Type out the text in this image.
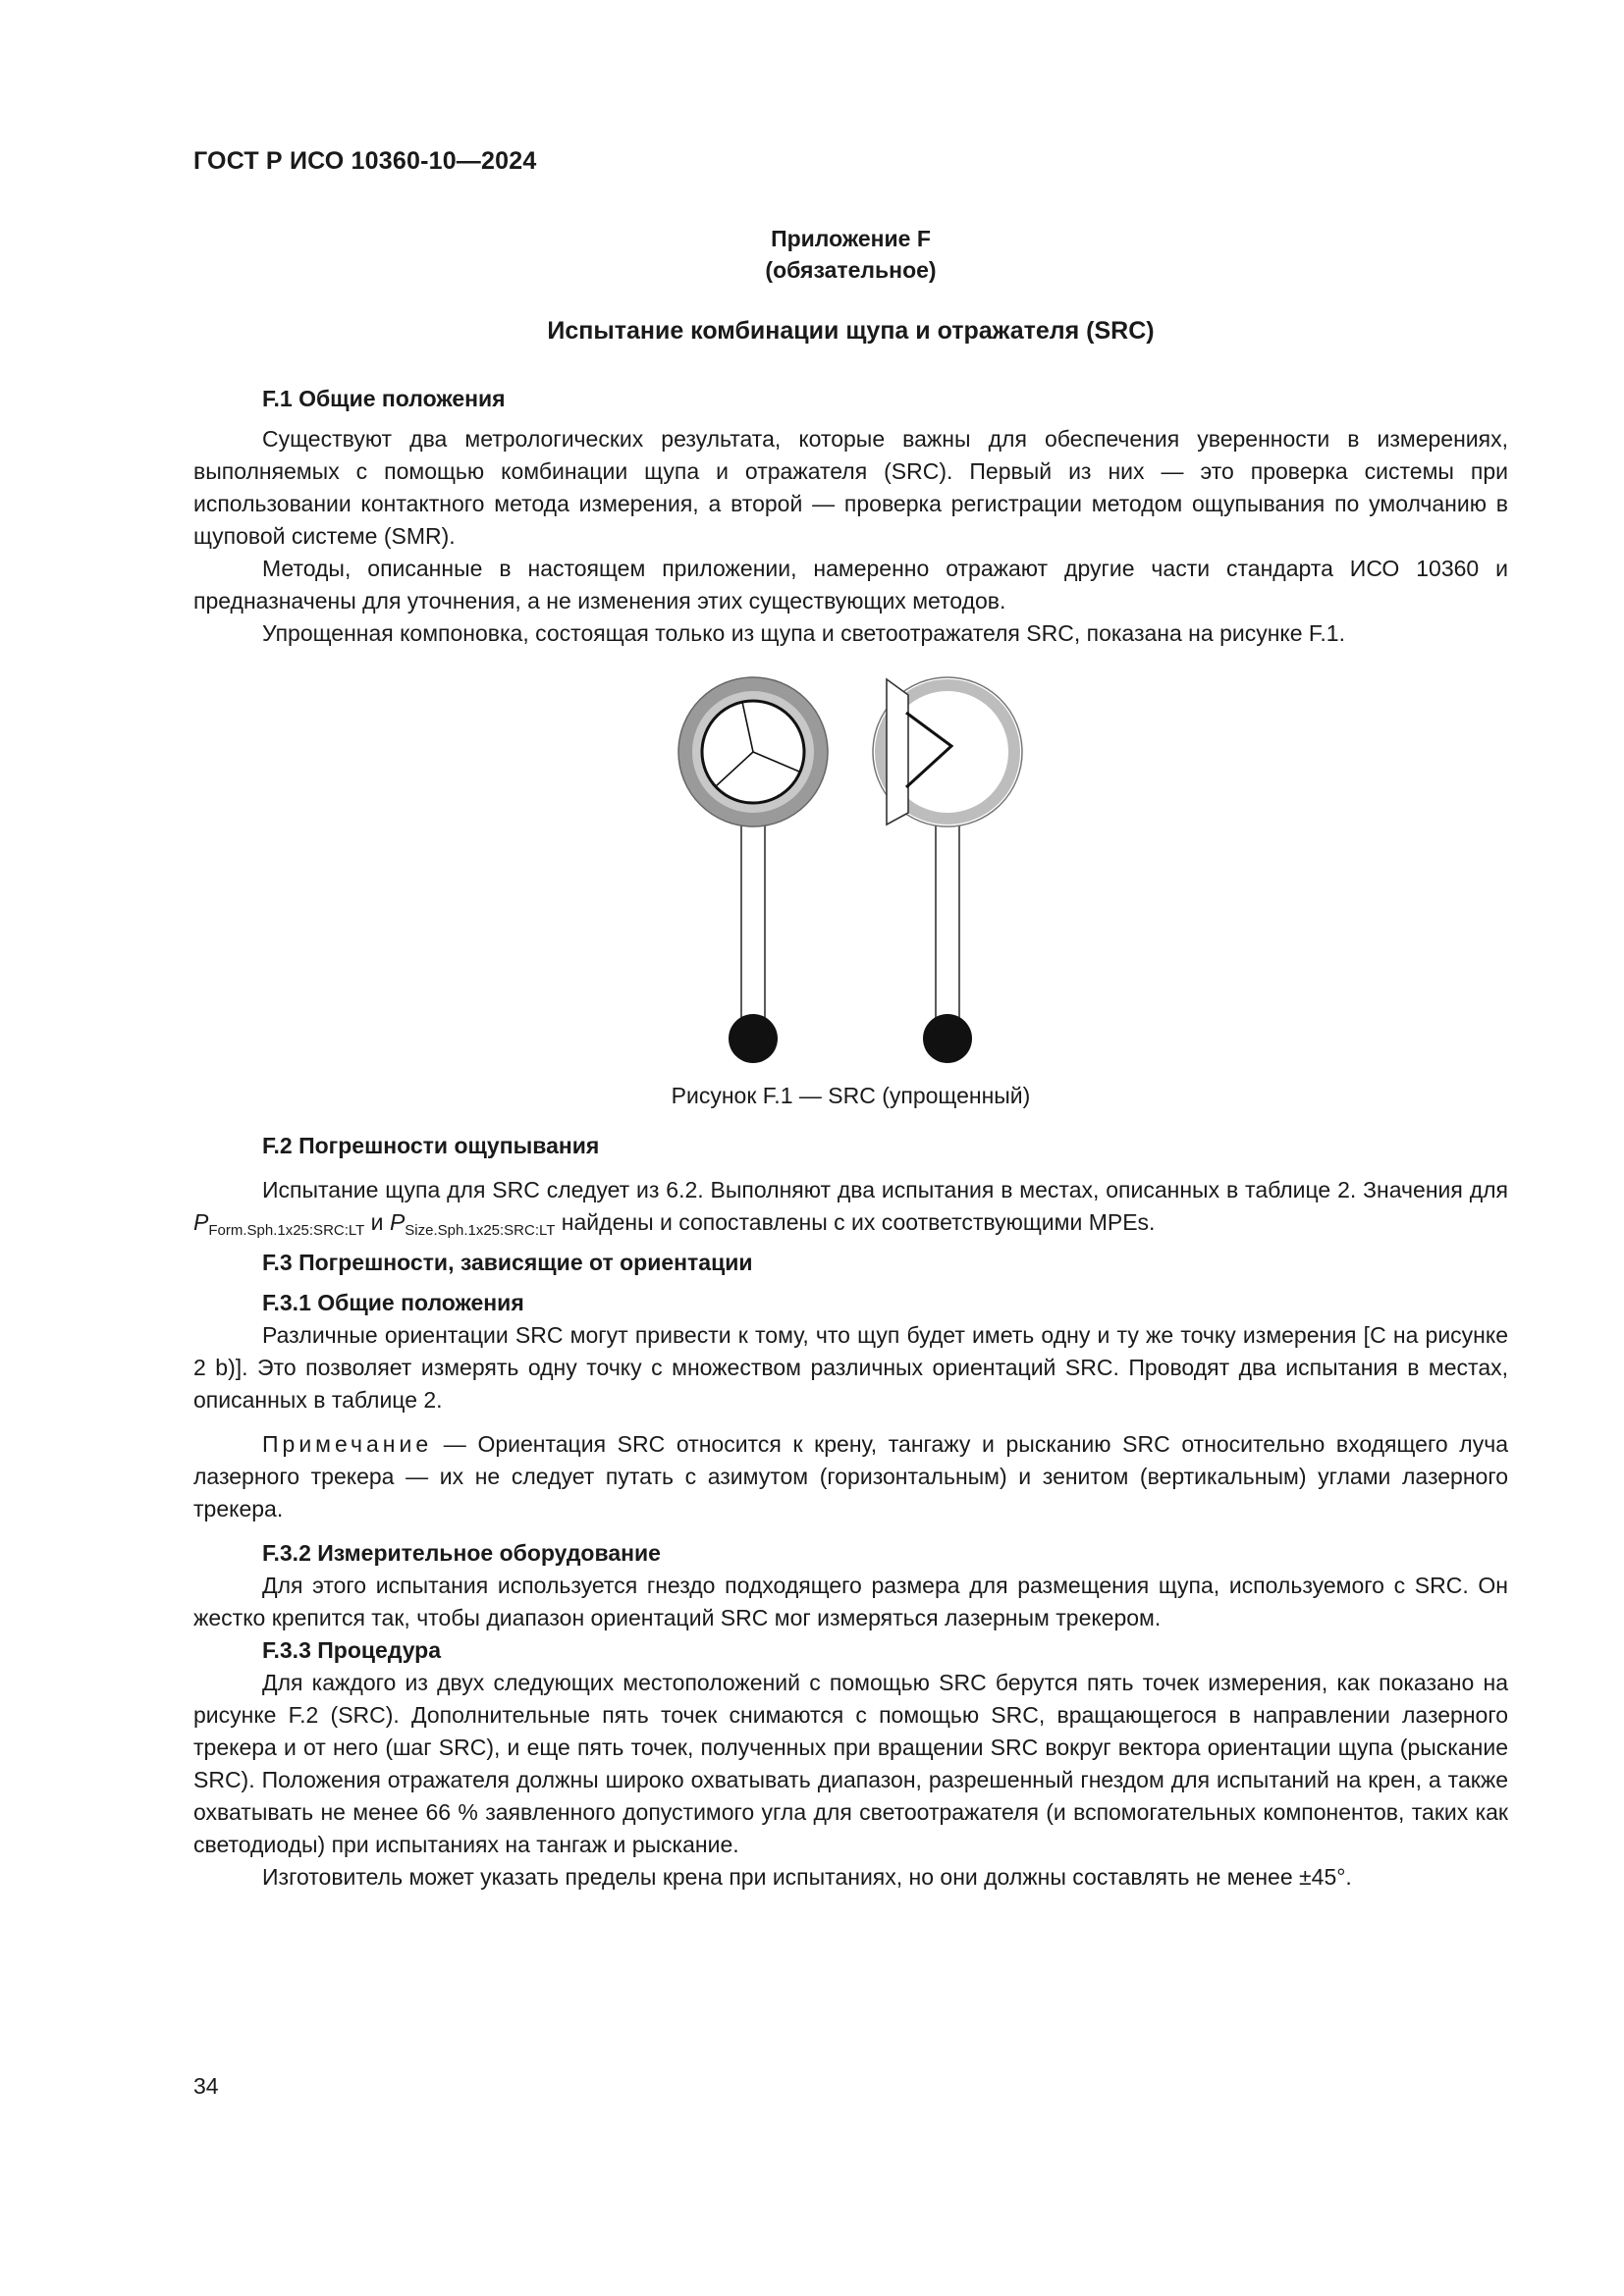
ГОСТ Р ИСО 10360-10—2024
Приложение F
(обязательное)
Испытание комбинации щупа и отражателя (SRC)
F.1 Общие положения

Существуют два метрологических результата, которые важны для обеспечения уверенности в измерениях, выполняемых с помощью комбинации щупа и отражателя (SRC). Первый из них — это проверка системы при использовании контактного метода измерения, а второй — проверка регистрации методом ощупывания по умолчанию в щуповой системе (SMR).

Методы, описанные в настоящем приложении, намеренно отражают другие части стандарта ИСО 10360 и предназначены для уточнения, а не изменения этих существующих методов.

Упрощенная компоновка, состоящая только из щупа и светоотражателя SRC, показана на рисунке F.1.

Рисунок F.1 — SRC (упрощенный)
F.2 Погрешности ощупывания

Испытание щупа для SRC следует из 6.2. Выполняют два испытания в местах, описанных в таблице 2. Значения для $P_{Form.Sph.1x25:SRC:LT}$ и $P_{Size.Sph.1x25:SRC:LT}$ найдены и сопоставлены с их соответствующими MPEs.

F.3 Погрешности, зависящие от ориентации
F.3.1 Общие положения

Различные ориентации SRC могут привести к тому, что щуп будет иметь одну и ту же точку измерения [С на рисунке 2 b)]. Это позволяет измерять одну точку с множеством различных ориентаций SRC. Проводят два испытания в местах, описанных в таблице 2.

Примечание — Ориентация SRC относится к крену, тангажу и рысканию SRC относительно входящего луча лазерного трекера — их не следует путать с азимутом (горизонтальным) и зенитом (вертикальным) углами лазерного трекера.

F.3.2 Измерительное оборудование

Для этого испытания используется гнездо подходящего размера для размещения щупа, используемого с SRC. Он жестко крепится так, чтобы диапазон ориентаций SRC мог измеряться лазерным трекером.

F.3.3 Процедура

Для каждого из двух следующих местоположений с помощью SRC берутся пять точек измерения, как показано на рисунке F.2 (SRC). Дополнительные пять точек снимаются с помощью SRC, вращающегося в направлении лазерного трекера и от него (шаг SRC), и еще пять точек, полученных при вращении SRC вокруг вектора ориентации щупа (рыскание SRC). Положения отражателя должны широко охватывать диапазон, разрешенный гнездом для испытаний на крен, а также охватывать не менее 66 % заявленного допустимого угла для светоотражателя (и вспомогательных компонентов, таких как светодиоды) при испытаниях на тангаж и рыскание.

Изготовитель может указать пределы крена при испытаниях, но они должны составлять не менее ±45°.

34
